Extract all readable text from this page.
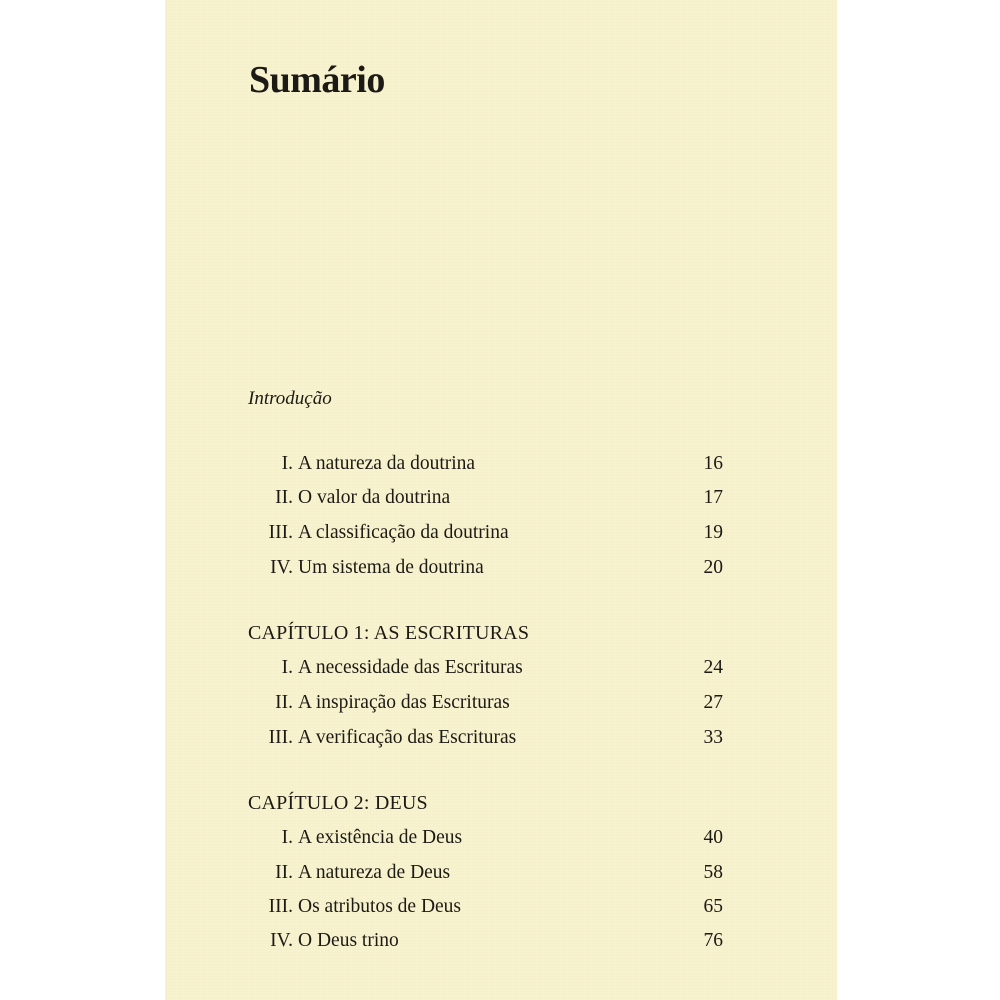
Sumário
Introdução
I. A natureza da doutrina	16
II. O valor da doutrina	17
III. A classificação da doutrina	19
IV. Um sistema de doutrina	20
CAPÍTULO 1: AS ESCRITURAS
I. A necessidade das Escrituras	24
II. A inspiração das Escrituras	27
III. A verificação das Escrituras	33
CAPÍTULO 2: DEUS
I. A existência de Deus	40
II. A natureza de Deus	58
III. Os atributos de Deus	65
IV. O Deus trino	76
